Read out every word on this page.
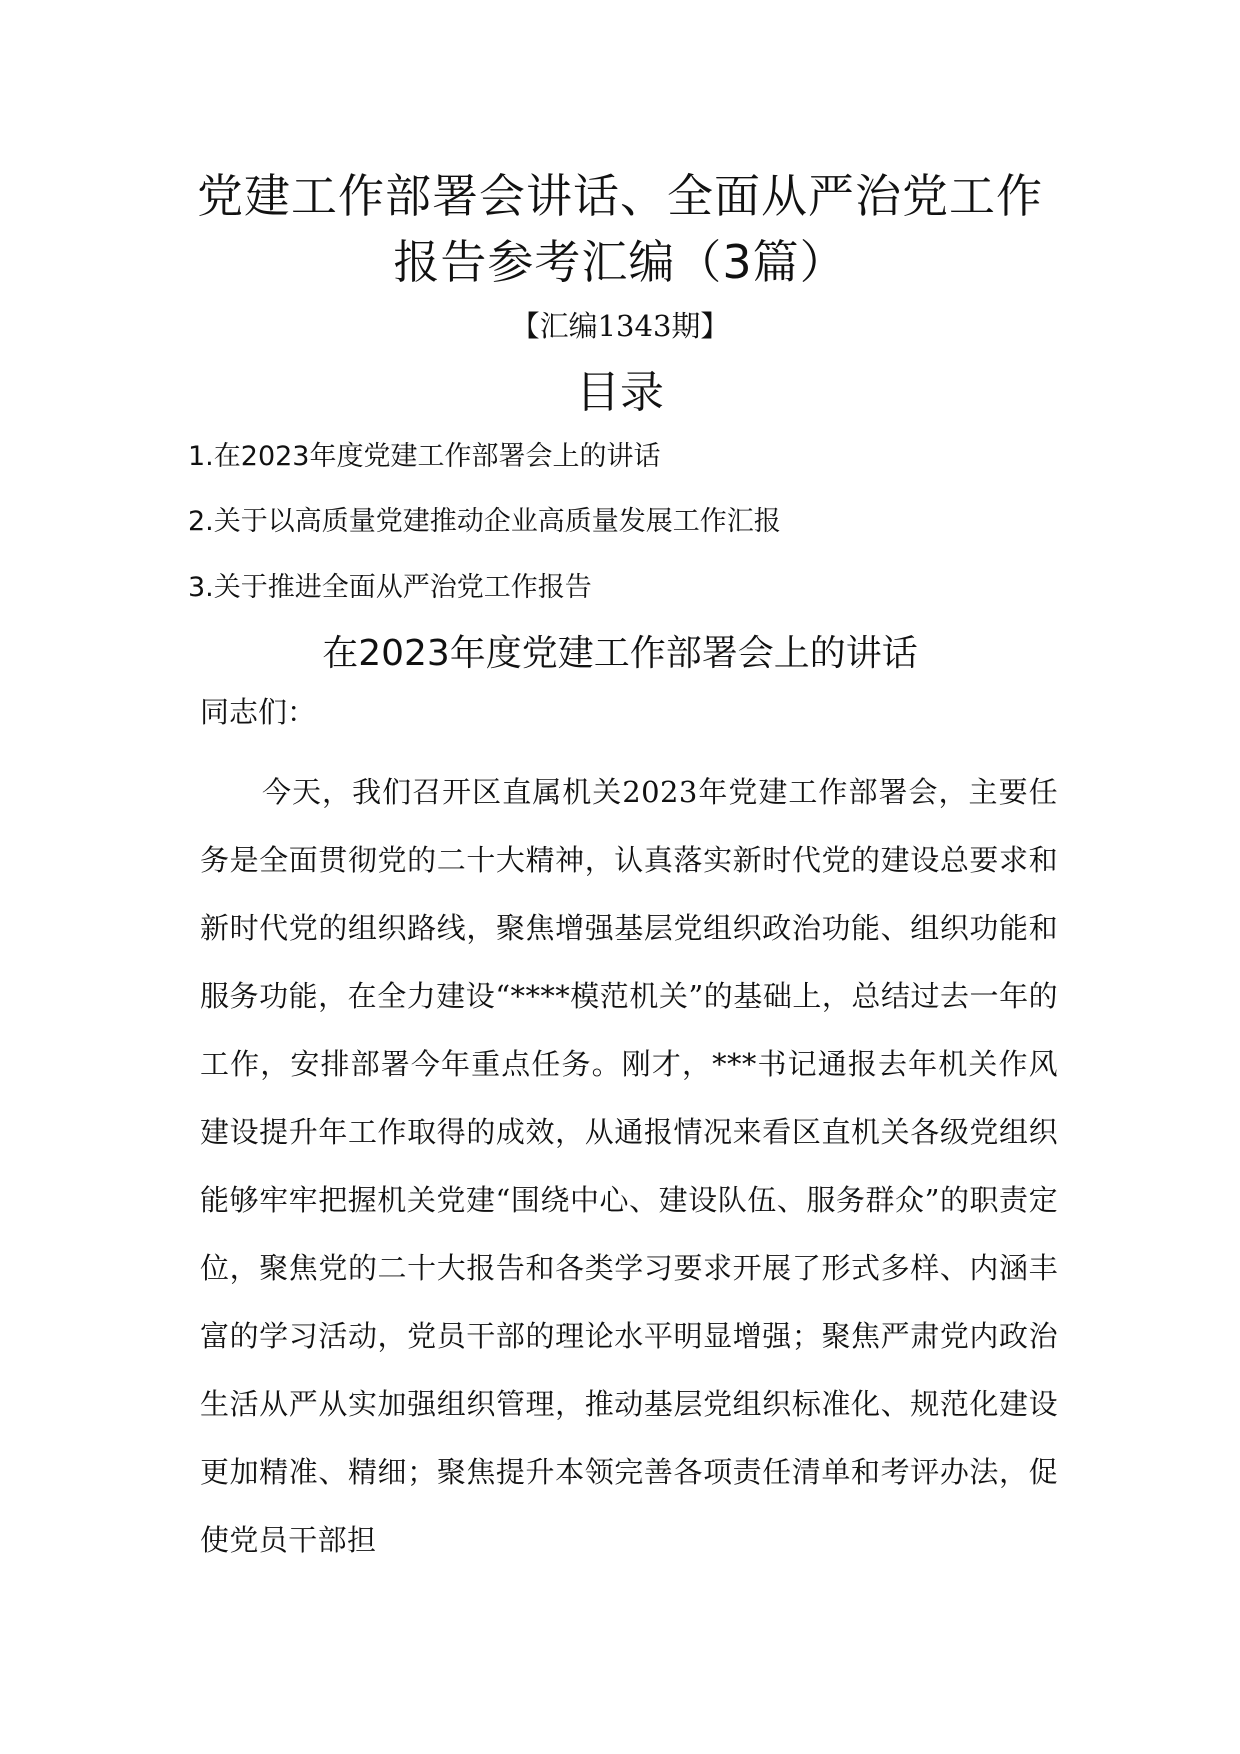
党建工作部署会讲话、全面从严治党工作
报告参考汇编（3篇）
【汇编1343期】
目录
1.在2023年度党建工作部署会上的讲话
2.关于以高质量党建推动企业高质量发展工作汇报
3.关于推进全面从严治党工作报告
在2023年度党建工作部署会上的讲话
同志们：

今天，我们召开区直属机关2023年党建工作部署会，主要任务是全面贯彻党的二十大精神，认真落实新时代党的建设总要求和新时代党的组织路线，聚焦增强基层党组织政治功能、组织功能和服务功能，在全力建设“****模范机关”的基础上，总结过去一年的工作，安排部署今年重点任务。刚才，***书记通报去年机关作风建设提升年工作取得的成效，从通报情况来看区直机关各级党组织能够牢牢把握机关党建“围绕中心、建设队伍、服务群众”的职责定位，聚焦党的二十大报告和各类学习要求开展了形式多样、内涵丰富的学习活动，党员干部的理论水平明显增强；聚焦严肃党内政治生活从严从实加强组织管理，推动基层党组织标准化、规范化建设更加精准、精细；聚焦提升本领完善各项责任清单和考评办法，促使党员干部担
